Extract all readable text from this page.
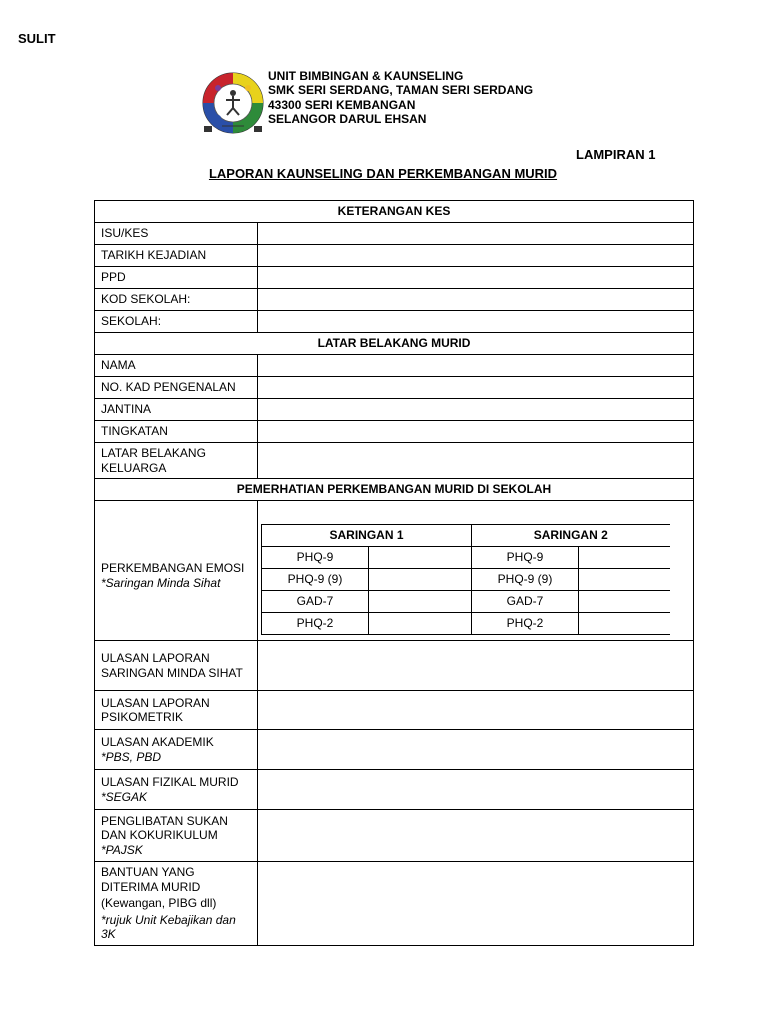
SULIT
UNIT BIMBINGAN & KAUNSELING
SMK SERI SERDANG, TAMAN SERI SERDANG
43300 SERI KEMBANGAN
SELANGOR DARUL EHSAN
LAMPIRAN 1
LAPORAN KAUNSELING DAN PERKEMBANGAN MURID
KETERANGAN KES
ISU/KES	
TARIKH KEJADIAN	
PPD	
KOD SEKOLAH:	
SEKOLAH:	
LATAR BELAKANG MURID
NAMA	
NO. KAD PENGENALAN	
JANTINA	
TINGKATAN	
LATAR BELAKANG KELUARGA	
PEMERHATIAN PERKEMBANGAN MURID DI SEKOLAH

PERKEMBANGAN EMOSI
*Saringan Minda Sihat

SARINGAN 1	SARINGAN 2
PHQ-9		PHQ-9	
PHQ-9 (9)		PHQ-9 (9)	
GAD-7		GAD-7	
PHQ-2		PHQ-2	

ULASAN LAPORAN SARINGAN MINDA SIHAT

ULASAN LAPORAN PSIKOMETRIK

ULASAN AKADEMIK
*PBS, PBD

ULASAN FIZIKAL MURID
*SEGAK

PENGLIBATAN SUKAN DAN KOKURIKULUM
*PAJSK

BANTUAN YANG DITERIMA MURID
(Kewangan, PIBG dll)
*rujuk Unit Kebajikan dan 3K
